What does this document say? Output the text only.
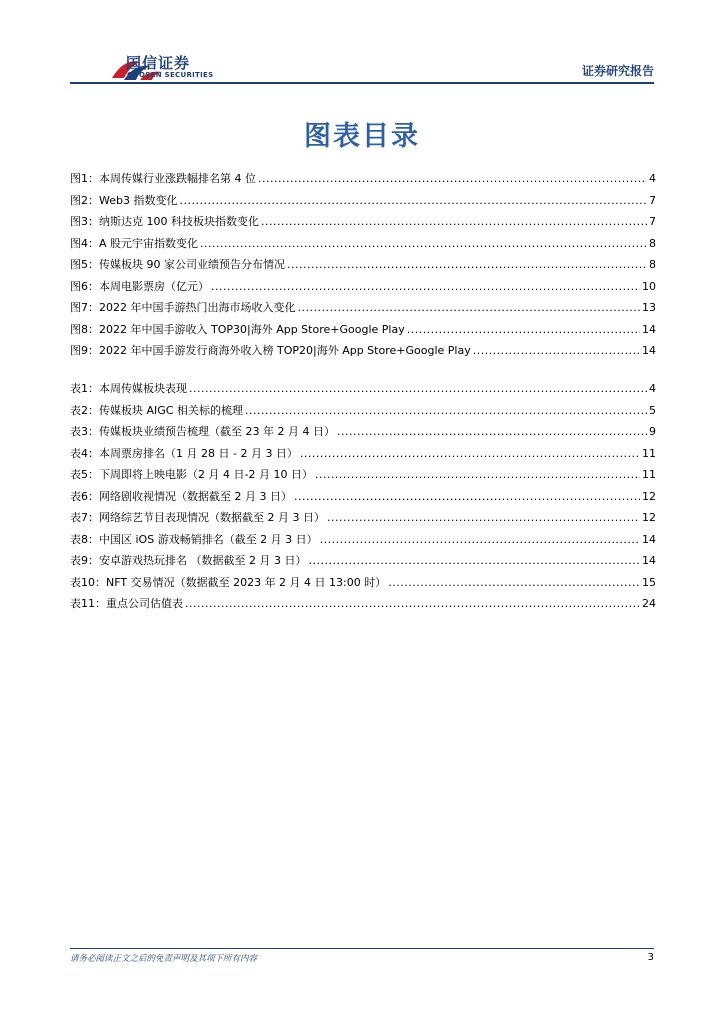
国信证券
GUOSEN SECURITIES	证券研究报告
图表目录
图1： 本周传媒行业涨跌幅排名第 4 位 .....	4
图2： Web3 指数变化 .....	7
图3： 纳斯达克 100 科技板块指数变化 .....	7
图4： A 股元宇宙指数变化 .....	8
图5： 传媒板块 90 家公司业绩预告分布情况 .....	8
图6： 本周电影票房（亿元） .....	10
图7： 2022 年中国手游热门出海市场收入变化 .....	13
图8： 2022 年中国手游收入 TOP30|海外 App Store+Google Play .....	14
图9： 2022 年中国手游发行商海外收入榜 TOP20|海外 App Store+Google Play .....	14
表1： 本周传媒板块表现 .....	4
表2： 传媒板块 AIGC 相关标的梳理 .....	5
表3： 传媒板块业绩预告梳理（截至 23 年 2 月 4 日） .....	9
表4： 本周票房排名（1 月 28 日 - 2 月 3 日） .....	11
表5： 下周即将上映电影（2 月 4 日-2 月 10 日） .....	11
表6： 网络剧收视情况（数据截至 2 月 3 日） .....	12
表7： 网络综艺节目表现情况（数据截至 2 月 3 日） .....	12
表8： 中国区 iOS 游戏畅销排名（截至 2 月 3 日） .....	14
表9： 安卓游戏热玩排名 （数据截至 2 月 3 日） .....	14
表10： NFT 交易情况（数据截至 2023 年 2 月 4 日 13:00 时） .....	15
表11： 重点公司估值表 .....	24
请务必阅读正文之后的免责声明及其项下所有内容	3
